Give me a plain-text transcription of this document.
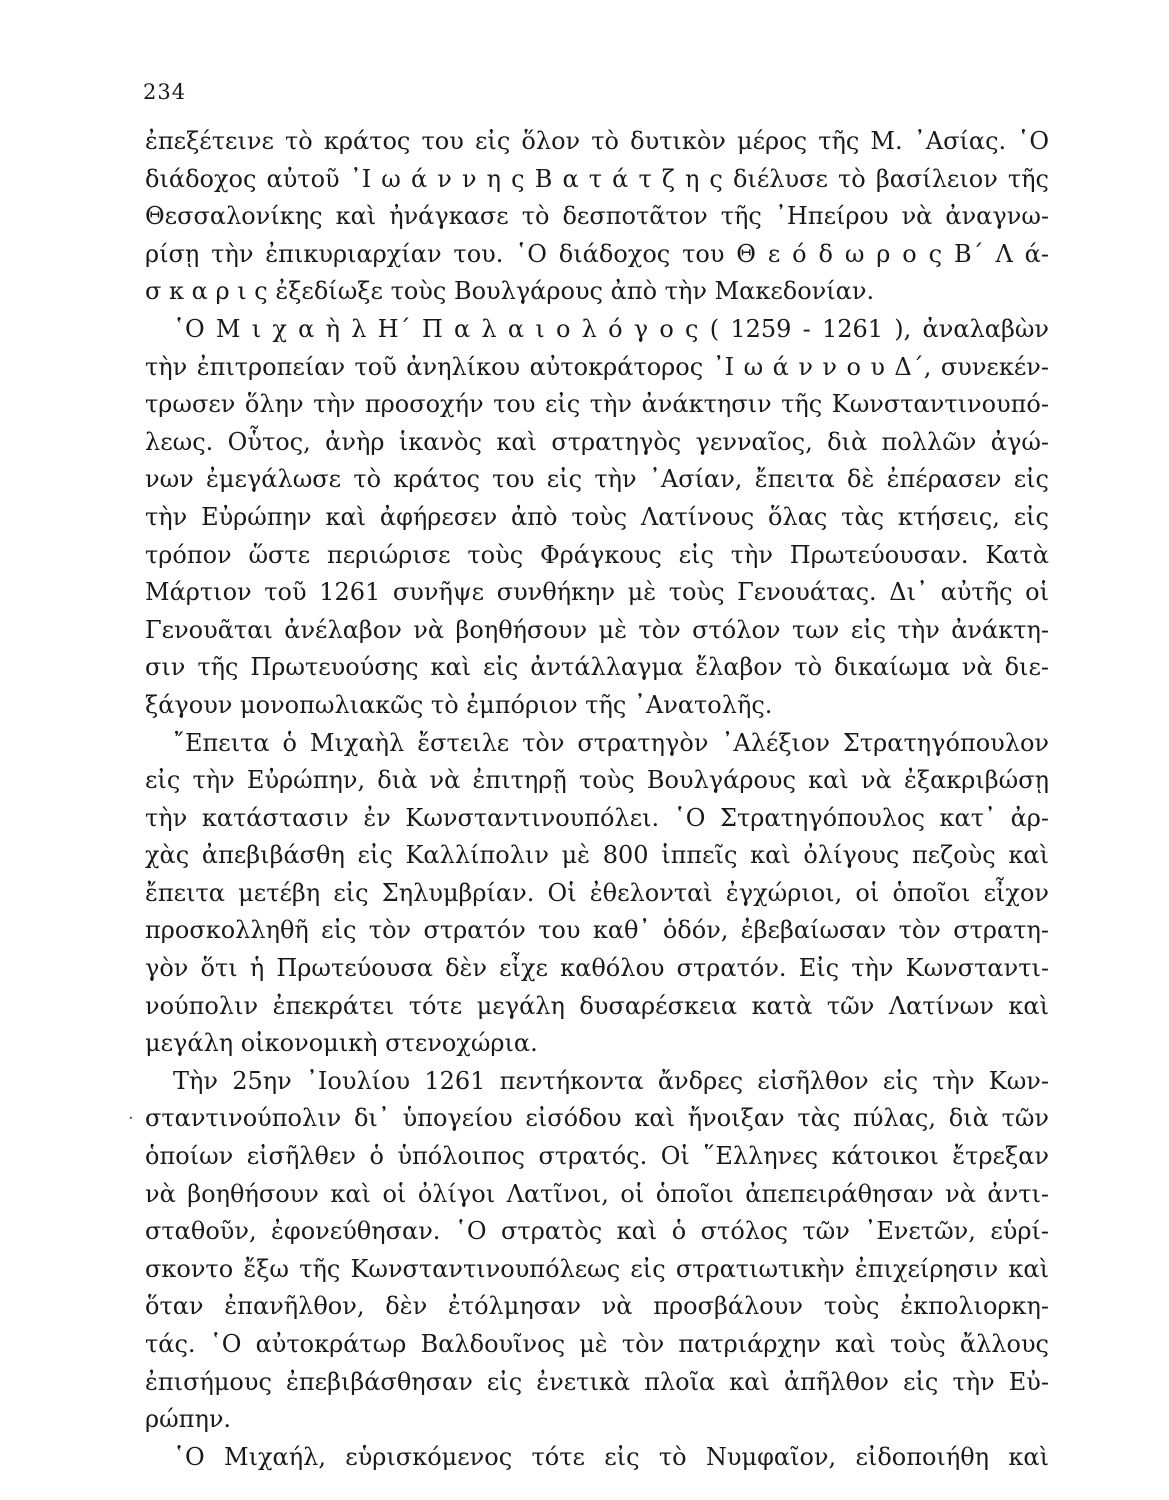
234
·
ἐπεξέτεινε τὸ κράτος του εἰς ὅλον τὸ δυτικὸν μέρος τῆς Μ. ᾿Ασίας. ῾Ο
διάδοχος αὐτοῦ ᾿Ι ω ά ν ν η ς Β α τ ά τ ζ η ς διέλυσε τὸ βασίλειον τῆς
Θεσσαλονίκης καὶ ἠνάγκασε τὸ δεσποτᾶτον τῆς ᾿Ηπείρου νὰ ἀναγνω-
ρίσῃ τὴν ἐπικυριαρχίαν του. ῾Ο διάδοχος του Θ ε ό δ ω ρ ο ς Β΄ Λ ά-
σ κ α ρ ι ς ἐξεδίωξε τοὺς Βουλγάρους ἀπὸ τὴν Μακεδονίαν.
῾Ο Μ ι χ α ὴ λ Η΄ Π α λ α ι ο λ ό γ ο ς ( 1259 - 1261 ), ἀναλαβὼν
τὴν ἐπιτροπείαν τοῦ ἀνηλίκου αὐτοκράτορος ᾿Ι ω ά ν ν ο υ Δ΄, συνεκέν-
τρωσεν ὅλην τὴν προσοχήν του εἰς τὴν ἀνάκτησιν τῆς Κωνσταντινουπό-
λεως. Οὗτος, ἀνὴρ ἱκανὸς καὶ στρατηγὸς γενναῖος, διὰ πολλῶν ἀγώ-
νων ἐμεγάλωσε τὸ κράτος του εἰς τὴν ᾿Ασίαν, ἔπειτα δὲ ἐπέρασεν εἰς
τὴν Εὐρώπην καὶ ἀφήρεσεν ἀπὸ τοὺς Λατίνους ὅλας τὰς κτήσεις, εἰς
τρόπον ὥστε περιώρισε τοὺς Φράγκους εἰς τὴν Πρωτεύουσαν. Κατὰ
Μάρτιον τοῦ 1261 συνῆψε συνθήκην μὲ τοὺς Γενουάτας. Δι᾿ αὐτῆς οἱ
Γενουᾶται ἀνέλαβον νὰ βοηθήσουν μὲ τὸν στόλον των εἰς τὴν ἀνάκτη-
σιν τῆς Πρωτευούσης καὶ εἰς ἀντάλλαγμα ἔλαβον τὸ δικαίωμα νὰ διε-
ξάγουν μονοπωλιακῶς τὸ ἐμπόριον τῆς ᾿Ανατολῆς.
῎Επειτα ὁ Μιχαὴλ ἔστειλε τὸν στρατηγὸν ᾿Αλέξιον Στρατηγόπουλον
εἰς τὴν Εὐρώπην, διὰ νὰ ἐπιτηρῇ τοὺς Βουλγάρους καὶ νὰ ἐξακριβώσῃ
τὴν κατάστασιν ἐν Κωνσταντινουπόλει. ῾Ο Στρατηγόπουλος κατ᾿ ἀρ-
χὰς ἀπεβιβάσθη εἰς Καλλίπολιν μὲ 800 ἱππεῖς καὶ ὀλίγους πεζοὺς καὶ
ἔπειτα μετέβη εἰς Σηλυμβρίαν. Οἱ ἐθελονταὶ ἐγχώριοι, οἱ ὁποῖοι εἶχον
προσκολληθῆ εἰς τὸν στρατόν του καθ᾿ ὁδόν, ἐβεβαίωσαν τὸν στρατη-
γὸν ὅτι ἡ Πρωτεύουσα δὲν εἶχε καθόλου στρατόν. Εἰς τὴν Κωνσταντι-
νούπολιν ἐπεκράτει τότε μεγάλη δυσαρέσκεια κατὰ τῶν Λατίνων καὶ
μεγάλη οἰκονομικὴ στενοχώρια.
Τὴν 25ην ᾿Ιουλίου 1261 πεντήκοντα ἄνδρες εἰσῆλθον εἰς τὴν Κων-
σταντινούπολιν δι᾿ ὑπογείου εἰσόδου καὶ ἤνοιξαν τὰς πύλας, διὰ τῶν
ὁποίων εἰσῆλθεν ὁ ὑπόλοιπος στρατός. Οἱ ῞Ελληνες κάτοικοι ἔτρεξαν
νὰ βοηθήσουν καὶ οἱ ὀλίγοι Λατῖνοι, οἱ ὁποῖοι ἀπεπειράθησαν νὰ ἀντι-
σταθοῦν, ἐφονεύθησαν. ῾Ο στρατὸς καὶ ὁ στόλος τῶν ᾿Ενετῶν, εὑρί-
σκοντο ἔξω τῆς Κωνσταντινουπόλεως εἰς στρατιωτικὴν ἐπιχείρησιν καὶ
ὅταν ἐπανῆλθον, δὲν ἐτόλμησαν νὰ προσβάλουν τοὺς ἐκπολιορκη-
τάς. ῾Ο αὐτοκράτωρ Βαλδουῖνος μὲ τὸν πατριάρχην καὶ τοὺς ἄλλους
ἐπισήμους ἐπεβιβάσθησαν εἰς ἐνετικὰ πλοῖα καὶ ἀπῆλθον εἰς τὴν Εὐ-
ρώπην.
῾Ο Μιχαήλ, εὑρισκόμενος τότε εἰς τὸ Νυμφαῖον, εἰδοποιήθη καὶ
